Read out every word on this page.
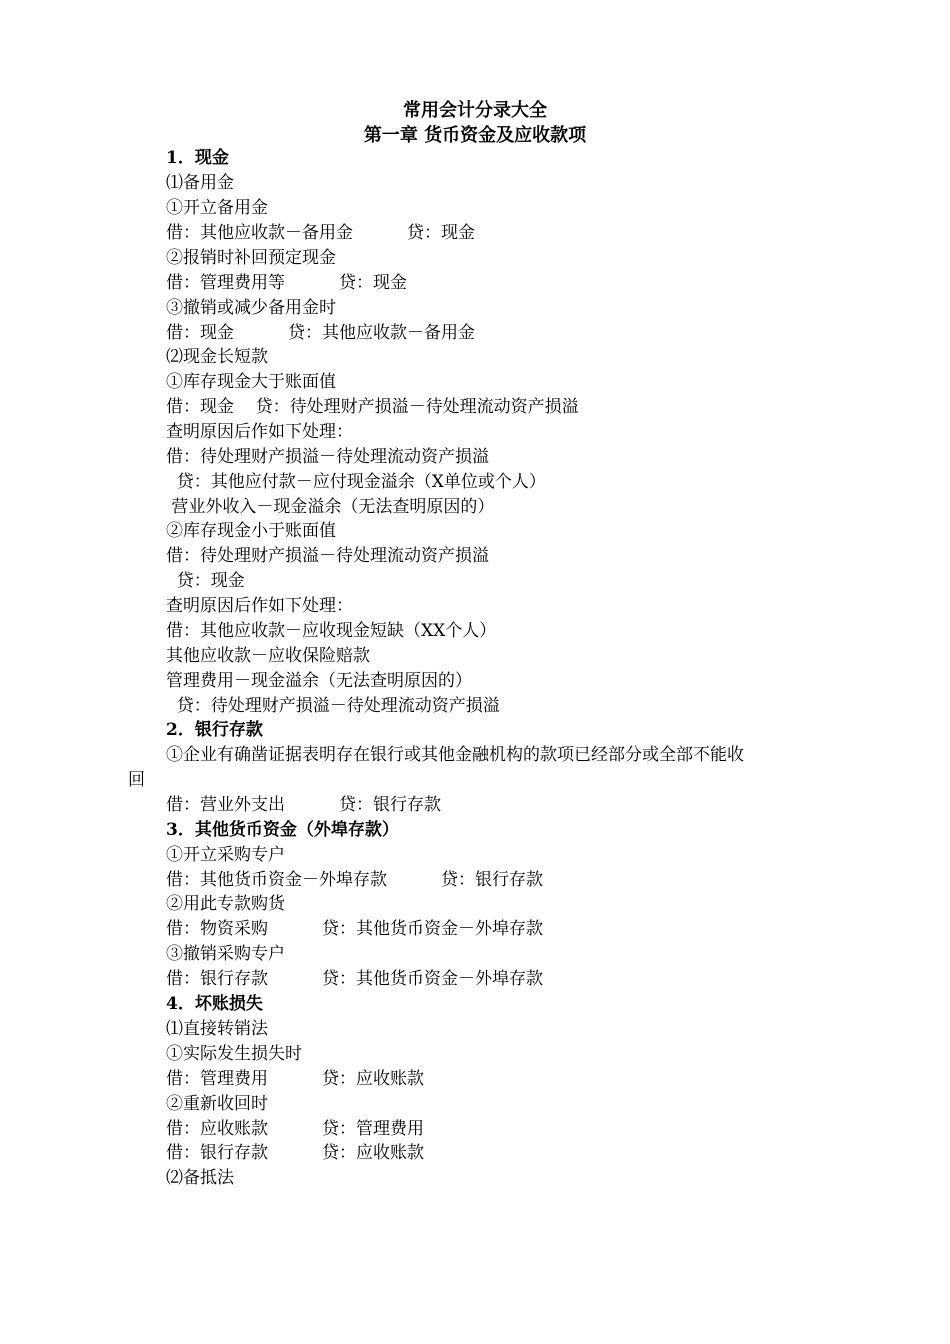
常用会计分录大全
第一章 货币资金及应收款项
1．现金
⑴备用金
①开立备用金
借：其他应收款－备用金          贷：现金
②报销时补回预定现金
借：管理费用等          贷：现金
③撤销或减少备用金时
借：现金          贷：其他应收款－备用金
⑵现金长短款
①库存现金大于账面值
借：现金    贷：待处理财产损溢－待处理流动资产损溢
查明原因后作如下处理：
借：待处理财产损溢－待处理流动资产损溢
贷：其他应付款－应付现金溢余（X单位或个人）
营业外收入－现金溢余（无法查明原因的）
②库存现金小于账面值
借：待处理财产损溢－待处理流动资产损溢
贷：现金
查明原因后作如下处理：
借：其他应收款－应收现金短缺（XX个人）
其他应收款－应收保险赔款
管理费用－现金溢余（无法查明原因的）
贷：待处理财产损溢－待处理流动资产损溢
2．银行存款
①企业有确凿证据表明存在银行或其他金融机构的款项已经部分或全部不能收
回
借：营业外支出          贷：银行存款
3．其他货币资金（外埠存款）
①开立采购专户
借：其他货币资金－外埠存款          贷：银行存款
②用此专款购货
借：物资采购          贷：其他货币资金－外埠存款
③撤销采购专户
借：银行存款          贷：其他货币资金－外埠存款
4．坏账损失
⑴直接转销法
①实际发生损失时
借：管理费用          贷：应收账款
②重新收回时
借：应收账款          贷：管理费用
借：银行存款          贷：应收账款
⑵备抵法
